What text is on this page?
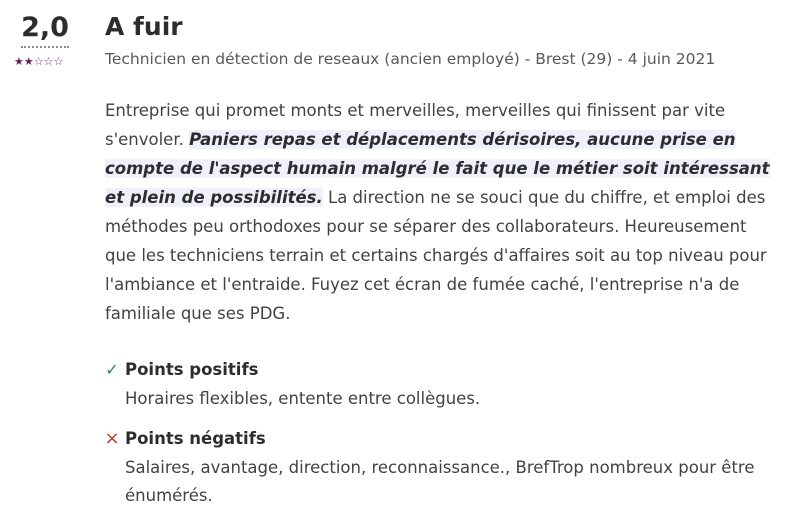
2,0
★★☆☆☆
A fuir
Technicien en détection de reseaux (ancien employé) - Brest (29) - 4 juin 2021
Entreprise qui promet monts et merveilles, merveilles qui finissent par vite s'envoler. Paniers repas et déplacements dérisoires, aucune prise en compte de l'aspect humain malgré le fait que le métier soit intéressant et plein de possibilités. La direction ne se souci que du chiffre, et emploi des méthodes peu orthodoxes pour se séparer des collaborateurs. Heureusement que les techniciens terrain et certains chargés d'affaires soit au top niveau pour l'ambiance et l'entraide. Fuyez cet écran de fumée caché, l'entreprise n'a de familiale que ses PDG.
✓ Points positifs
Horaires flexibles, entente entre collègues.
× Points négatifs
Salaires, avantage, direction, reconnaissance., BrefTrop nombreux pour être énumérés.
